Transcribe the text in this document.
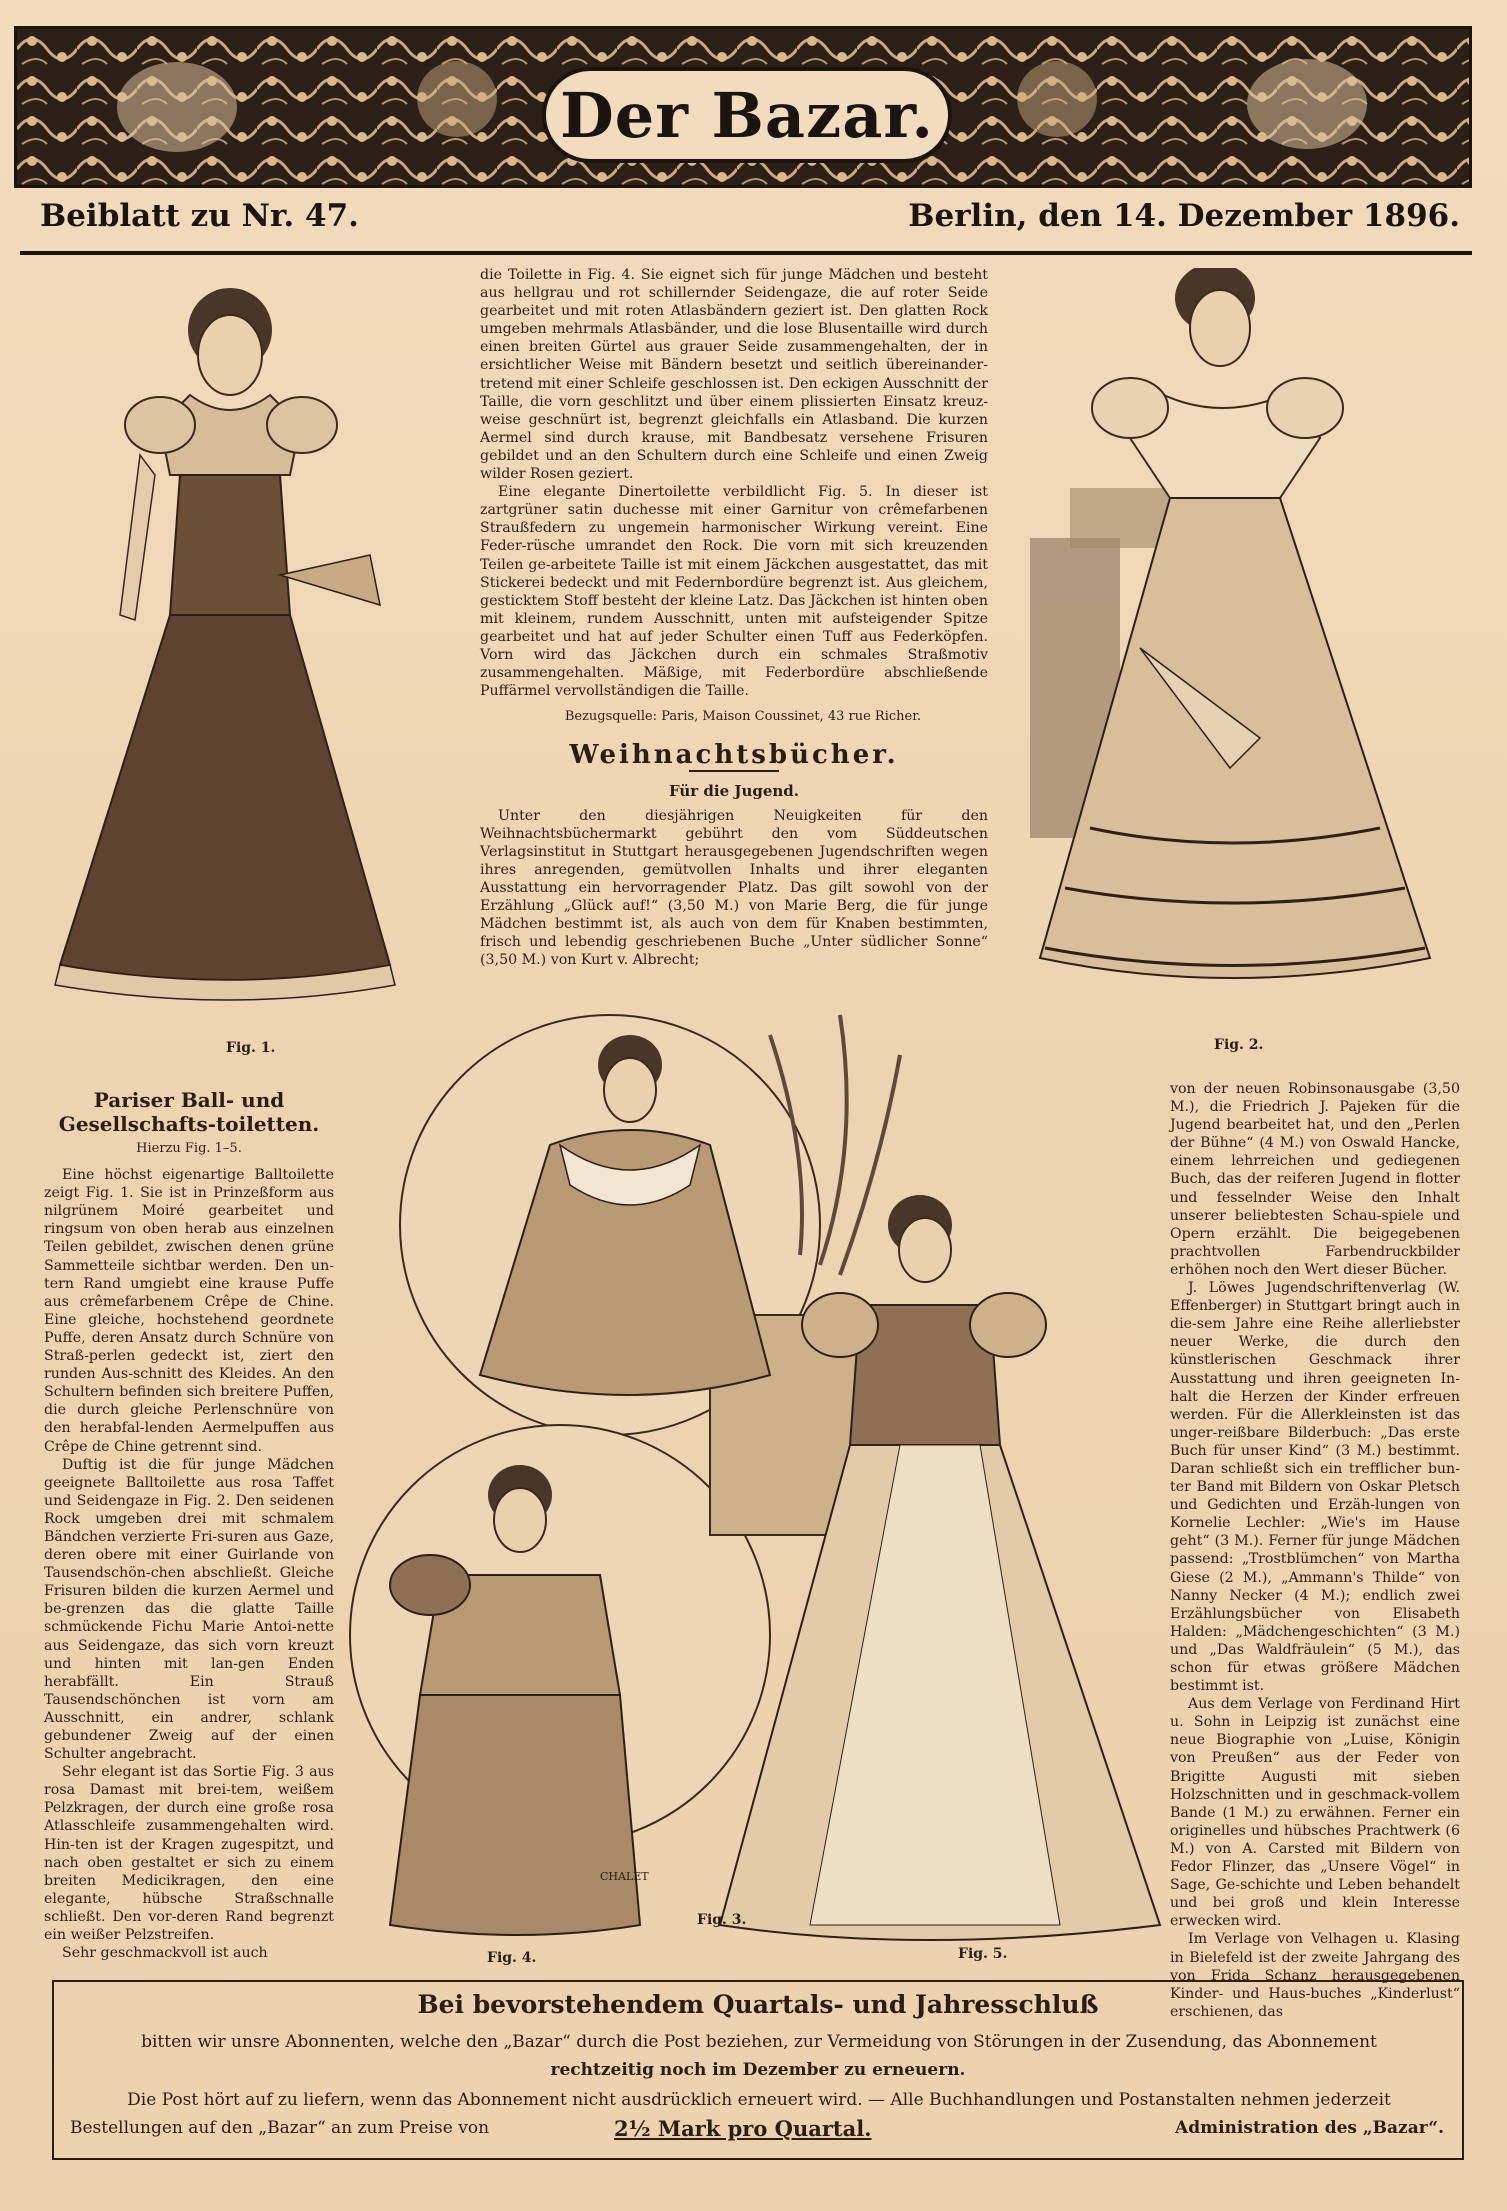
Der Bazar.
Beiblatt zu Nr. 47.	Berlin, den 14. Dezember 1896.
Fig. 1.

die Toilette in Fig. 4. Sie eignet sich für junge Mädchen und besteht aus hellgrau und rot schillernder Seidengaze, die auf roter Seide gearbeitet und mit roten Atlasbändern geziert ist. Den glatten Rock umgeben mehrmals Atlasbänder, und die lose Blusentaille wird durch einen breiten Gürtel aus grauer Seide zusammengehalten, der in ersichtlicher Weise mit Bändern besetzt und seitlich übereinander-tretend mit einer Schleife geschlossen ist. Den eckigen Ausschnitt der Taille, die vorn geschlitzt und über einem plissierten Einsatz kreuz-weise geschnürt ist, begrenzt gleichfalls ein Atlasband. Die kurzen Aermel sind durch krause, mit Bandbesatz versehene Frisuren gebildet und an den Schultern durch eine Schleife und einen Zweig wilder Rosen geziert.

Eine elegante Dinertoilette verbildlicht Fig. 5. In dieser ist zartgrüner satin duchesse mit einer Garnitur von crêmefarbenen Straußfedern zu ungemein harmonischer Wirkung vereint. Eine Feder-rüsche umrandet den Rock. Die vorn mit sich kreuzenden Teilen ge-arbeitete Taille ist mit einem Jäckchen ausgestattet, das mit Stickerei bedeckt und mit Federnbordüre begrenzt ist. Aus gleichem, gesticktem Stoff besteht der kleine Latz. Das Jäckchen ist hinten oben mit kleinem, rundem Ausschnitt, unten mit aufsteigender Spitze gearbeitet und hat auf jeder Schulter einen Tuff aus Federköpfen. Vorn wird das Jäckchen durch ein schmales Straßmotiv zusammengehalten. Mäßige, mit Federbordüre abschließende Puffärmel vervollständigen die Taille.

Bezugsquelle: Paris, Maison Coussinet, 43 rue Richer.

Weihnachtsbücher.
Für die Jugend.

Unter den diesjährigen Neuigkeiten für den Weihnachtsbüchermarkt gebührt den vom Süddeutschen Verlagsinstitut in Stuttgart herausgegebenen Jugendschriften wegen ihres anregenden, gemütvollen Inhalts und ihrer eleganten Ausstattung ein hervorragender Platz. Das gilt sowohl von der Erzählung „Glück auf!“ (3,50 M.) von Marie Berg, die für junge Mädchen bestimmt ist, als auch von dem für Knaben bestimmten, frisch und lebendig geschriebenen Buche „Unter südlicher Sonne“ (3,50 M.) von Kurt v. Albrecht;

Fig. 2.
Pariser Ball- und Gesellschafts-toiletten.
Hierzu Fig. 1–5.

Eine höchst eigenartige Balltoilette zeigt Fig. 1. Sie ist in Prinzeßform aus nilgrünem Moiré gearbeitet und ringsum von oben herab aus einzelnen Teilen gebildet, zwischen denen grüne Sammetteile sichtbar werden. Den un-tern Rand umgiebt eine krause Puffe aus crêmefarbenem Crêpe de Chine. Eine gleiche, hochstehend geordnete Puffe, deren Ansatz durch Schnüre von Straß-perlen gedeckt ist, ziert den runden Aus-schnitt des Kleides. An den Schultern befinden sich breitere Puffen, die durch gleiche Perlenschnüre von den herabfal-lenden Aermelpuffen aus Crêpe de Chine getrennt sind.

Duftig ist die für junge Mädchen geeignete Balltoilette aus rosa Taffet und Seidengaze in Fig. 2. Den seidenen Rock umgeben drei mit schmalem Bändchen verzierte Fri-suren aus Gaze, deren obere mit einer Guirlande von Tausendschön-chen abschließt. Gleiche Frisuren bilden die kurzen Aermel und be-grenzen das die glatte Taille schmückende Fichu Marie Antoi-nette aus Seidengaze, das sich vorn kreuzt und hinten mit lan-gen Enden herabfällt. Ein Strauß Tausendschönchen ist vorn am Ausschnitt, ein andrer, schlank gebundener Zweig auf der einen Schulter angebracht.

Sehr elegant ist das Sortie Fig. 3 aus rosa Damast mit brei-tem, weißem Pelzkragen, der durch eine große rosa Atlasschleife zusammengehalten wird. Hin-ten ist der Kragen zugespitzt, und nach oben gestaltet er sich zu einem breiten Medicikragen, den eine elegante, hübsche Straßschnalle schließt. Den vor-deren Rand begrenzt ein weißer Pelzstreifen.

Sehr geschmackvoll ist auch

Fig. 3.
Fig. 4.	Fig. 5.
CHALET

von der neuen Robinsonausgabe (3,50 M.), die Friedrich J. Pajeken für die Jugend bearbeitet hat, und den „Perlen der Bühne“ (4 M.) von Oswald Hancke, einem lehrreichen und gediegenen Buch, das der reiferen Jugend in flotter und fesselnder Weise den Inhalt unserer beliebtesten Schau-spiele und Opern erzählt. Die beigegebenen prachtvollen Farbendruckbilder erhöhen noch den Wert dieser Bücher.

J. Löwes Jugendschriftenverlag (W. Effenberger) in Stuttgart bringt auch in die-sem Jahre eine Reihe allerliebster neuer Werke, die durch den künstlerischen Geschmack ihrer Ausstattung und ihren geeigneten In-halt die Herzen der Kinder erfreuen werden. Für die Allerkleinsten ist das unger-reißbare Bilderbuch: „Das erste Buch für unser Kind“ (3 M.) bestimmt. Daran schließt sich ein trefflicher bun-ter Band mit Bildern von Oskar Pletsch und Gedichten und Erzäh-lungen von Kornelie Lechler: „Wie's im Hause geht“ (3 M.). Ferner für junge Mädchen passend: „Trostblümchen“ von Martha Giese (2 M.), „Ammann's Thilde“ von Nanny Necker (4 M.); endlich zwei Erzählungsbücher von Elisabeth Halden: „Mädchengeschichten“ (3 M.) und „Das Waldfräulein“ (5 M.), das schon für etwas größere Mädchen bestimmt ist.

Aus dem Verlage von Ferdinand Hirt u. Sohn in Leipzig ist zunächst eine neue Biographie von „Luise, Königin von Preußen“ aus der Feder von Brigitte Augusti mit sieben Holzschnitten und in geschmack-vollem Bande (1 M.) zu erwähnen. Ferner ein originelles und hübsches Prachtwerk (6 M.) von A. Carsted mit Bildern von Fedor Flinzer, das „Unsere Vögel“ in Sage, Ge-schichte und Leben behandelt und bei groß und klein Interesse erwecken wird.

Im Verlage von Velhagen u. Klasing in Bielefeld ist der zweite Jahrgang des von Frida Schanz herausgegebenen Kinder- und Haus-buches „Kinderlust“ erschienen, das

Bei bevorstehendem Quartals- und Jahresschluß
bitten wir unsre Abonnenten, welche den „Bazar“ durch die Post beziehen, zur Vermeidung von Störungen in der Zusendung, das Abonnement
rechtzeitig noch im Dezember zu erneuern.
Die Post hört auf zu liefern, wenn das Abonnement nicht ausdrücklich erneuert wird. — Alle Buchhandlungen und Postanstalten nehmen jederzeit
Bestellungen auf den „Bazar“ an zum Preise von	2½ Mark pro Quartal.	Administration des „Bazar“.
